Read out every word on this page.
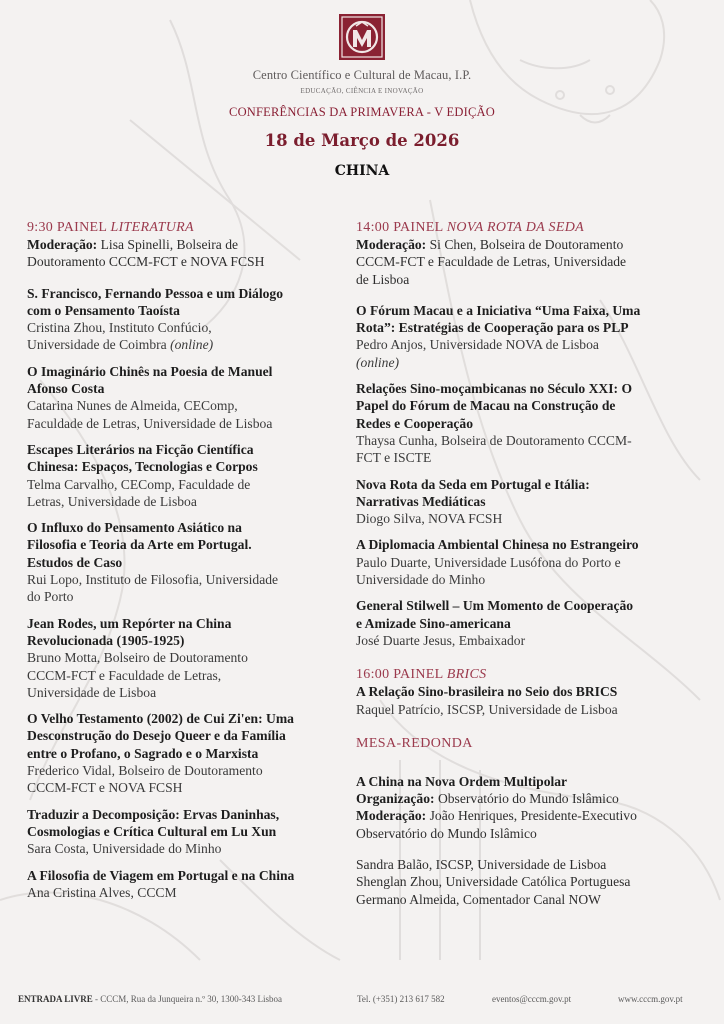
Centro Científico e Cultural de Macau, I.P.
EDUCAÇÃO, CIÊNCIA E INOVAÇÃO
CONFERÊNCIAS DA PRIMAVERA - V EDIÇÃO
18 de Março de 2026
CHINA
9:30 PAINEL LITERATURA
Moderação: Lisa Spinelli, Bolseira de
Doutoramento CCCM-FCT e NOVA FCSH
S. Francisco, Fernando Pessoa e um Diálogo
com o Pensamento Taoísta
Cristina Zhou, Instituto Confúcio,
Universidade de Coimbra (online)
O Imaginário Chinês na Poesia de Manuel
Afonso Costa
Catarina Nunes de Almeida, CEComp,
Faculdade de Letras, Universidade de Lisboa
Escapes Literários na Ficção Científica
Chinesa: Espaços, Tecnologias e Corpos
Telma Carvalho, CEComp, Faculdade de
Letras, Universidade de Lisboa
O Influxo do Pensamento Asiático na
Filosofia e Teoria da Arte em Portugal.
Estudos de Caso
Rui Lopo, Instituto de Filosofia, Universidade
do Porto
Jean Rodes, um Repórter na China
Revolucionada (1905-1925)
Bruno Motta, Bolseiro de Doutoramento
CCCM-FCT e Faculdade de Letras,
Universidade de Lisboa
O Velho Testamento (2002) de Cui Zi'en: Uma
Desconstrução do Desejo Queer e da Família
entre o Profano, o Sagrado e o Marxista
Frederico Vidal, Bolseiro de Doutoramento
CCCM-FCT e NOVA FCSH
Traduzir a Decomposição: Ervas Daninhas,
Cosmologias e Crítica Cultural em Lu Xun
Sara Costa, Universidade do Minho
A Filosofia de Viagem em Portugal e na China
Ana Cristina Alves, CCCM
14:00 PAINEL NOVA ROTA DA SEDA
Moderação: Si Chen, Bolseira de Doutoramento
CCCM-FCT e Faculdade de Letras, Universidade
de Lisboa
O Fórum Macau e a Iniciativa “Uma Faixa, Uma
Rota”: Estratégias de Cooperação para os PLP
Pedro Anjos, Universidade NOVA de Lisboa
(online)
Relações Sino-moçambicanas no Século XXI: O
Papel do Fórum de Macau na Construção de
Redes e Cooperação
Thaysa Cunha, Bolseira de Doutoramento CCCM-
FCT e ISCTE
Nova Rota da Seda em Portugal e Itália:
Narrativas Mediáticas
Diogo Silva, NOVA FCSH
A Diplomacia Ambiental Chinesa no Estrangeiro
Paulo Duarte, Universidade Lusófona do Porto e
Universidade do Minho
General Stilwell – Um Momento de Cooperação
e Amizade Sino-americana
José Duarte Jesus, Embaixador
16:00 PAINEL BRICS
A Relação Sino-brasileira no Seio dos BRICS
Raquel Patrício, ISCSP, Universidade de Lisboa
MESA-REDONDA
A China na Nova Ordem Multipolar
Organização: Observatório do Mundo Islâmico
Moderação: João Henriques, Presidente-Executivo
Observatório do Mundo Islâmico
Sandra Balão, ISCSP, Universidade de Lisboa
Shenglan Zhou, Universidade Católica Portuguesa
Germano Almeida, Comentador Canal NOW
ENTRADA LIVRE - CCCM, Rua da Junqueira n.º 30, 1300-343 Lisboa	Tel. (+351) 213 617 582	eventos@cccm.gov.pt	www.cccm.gov.pt
